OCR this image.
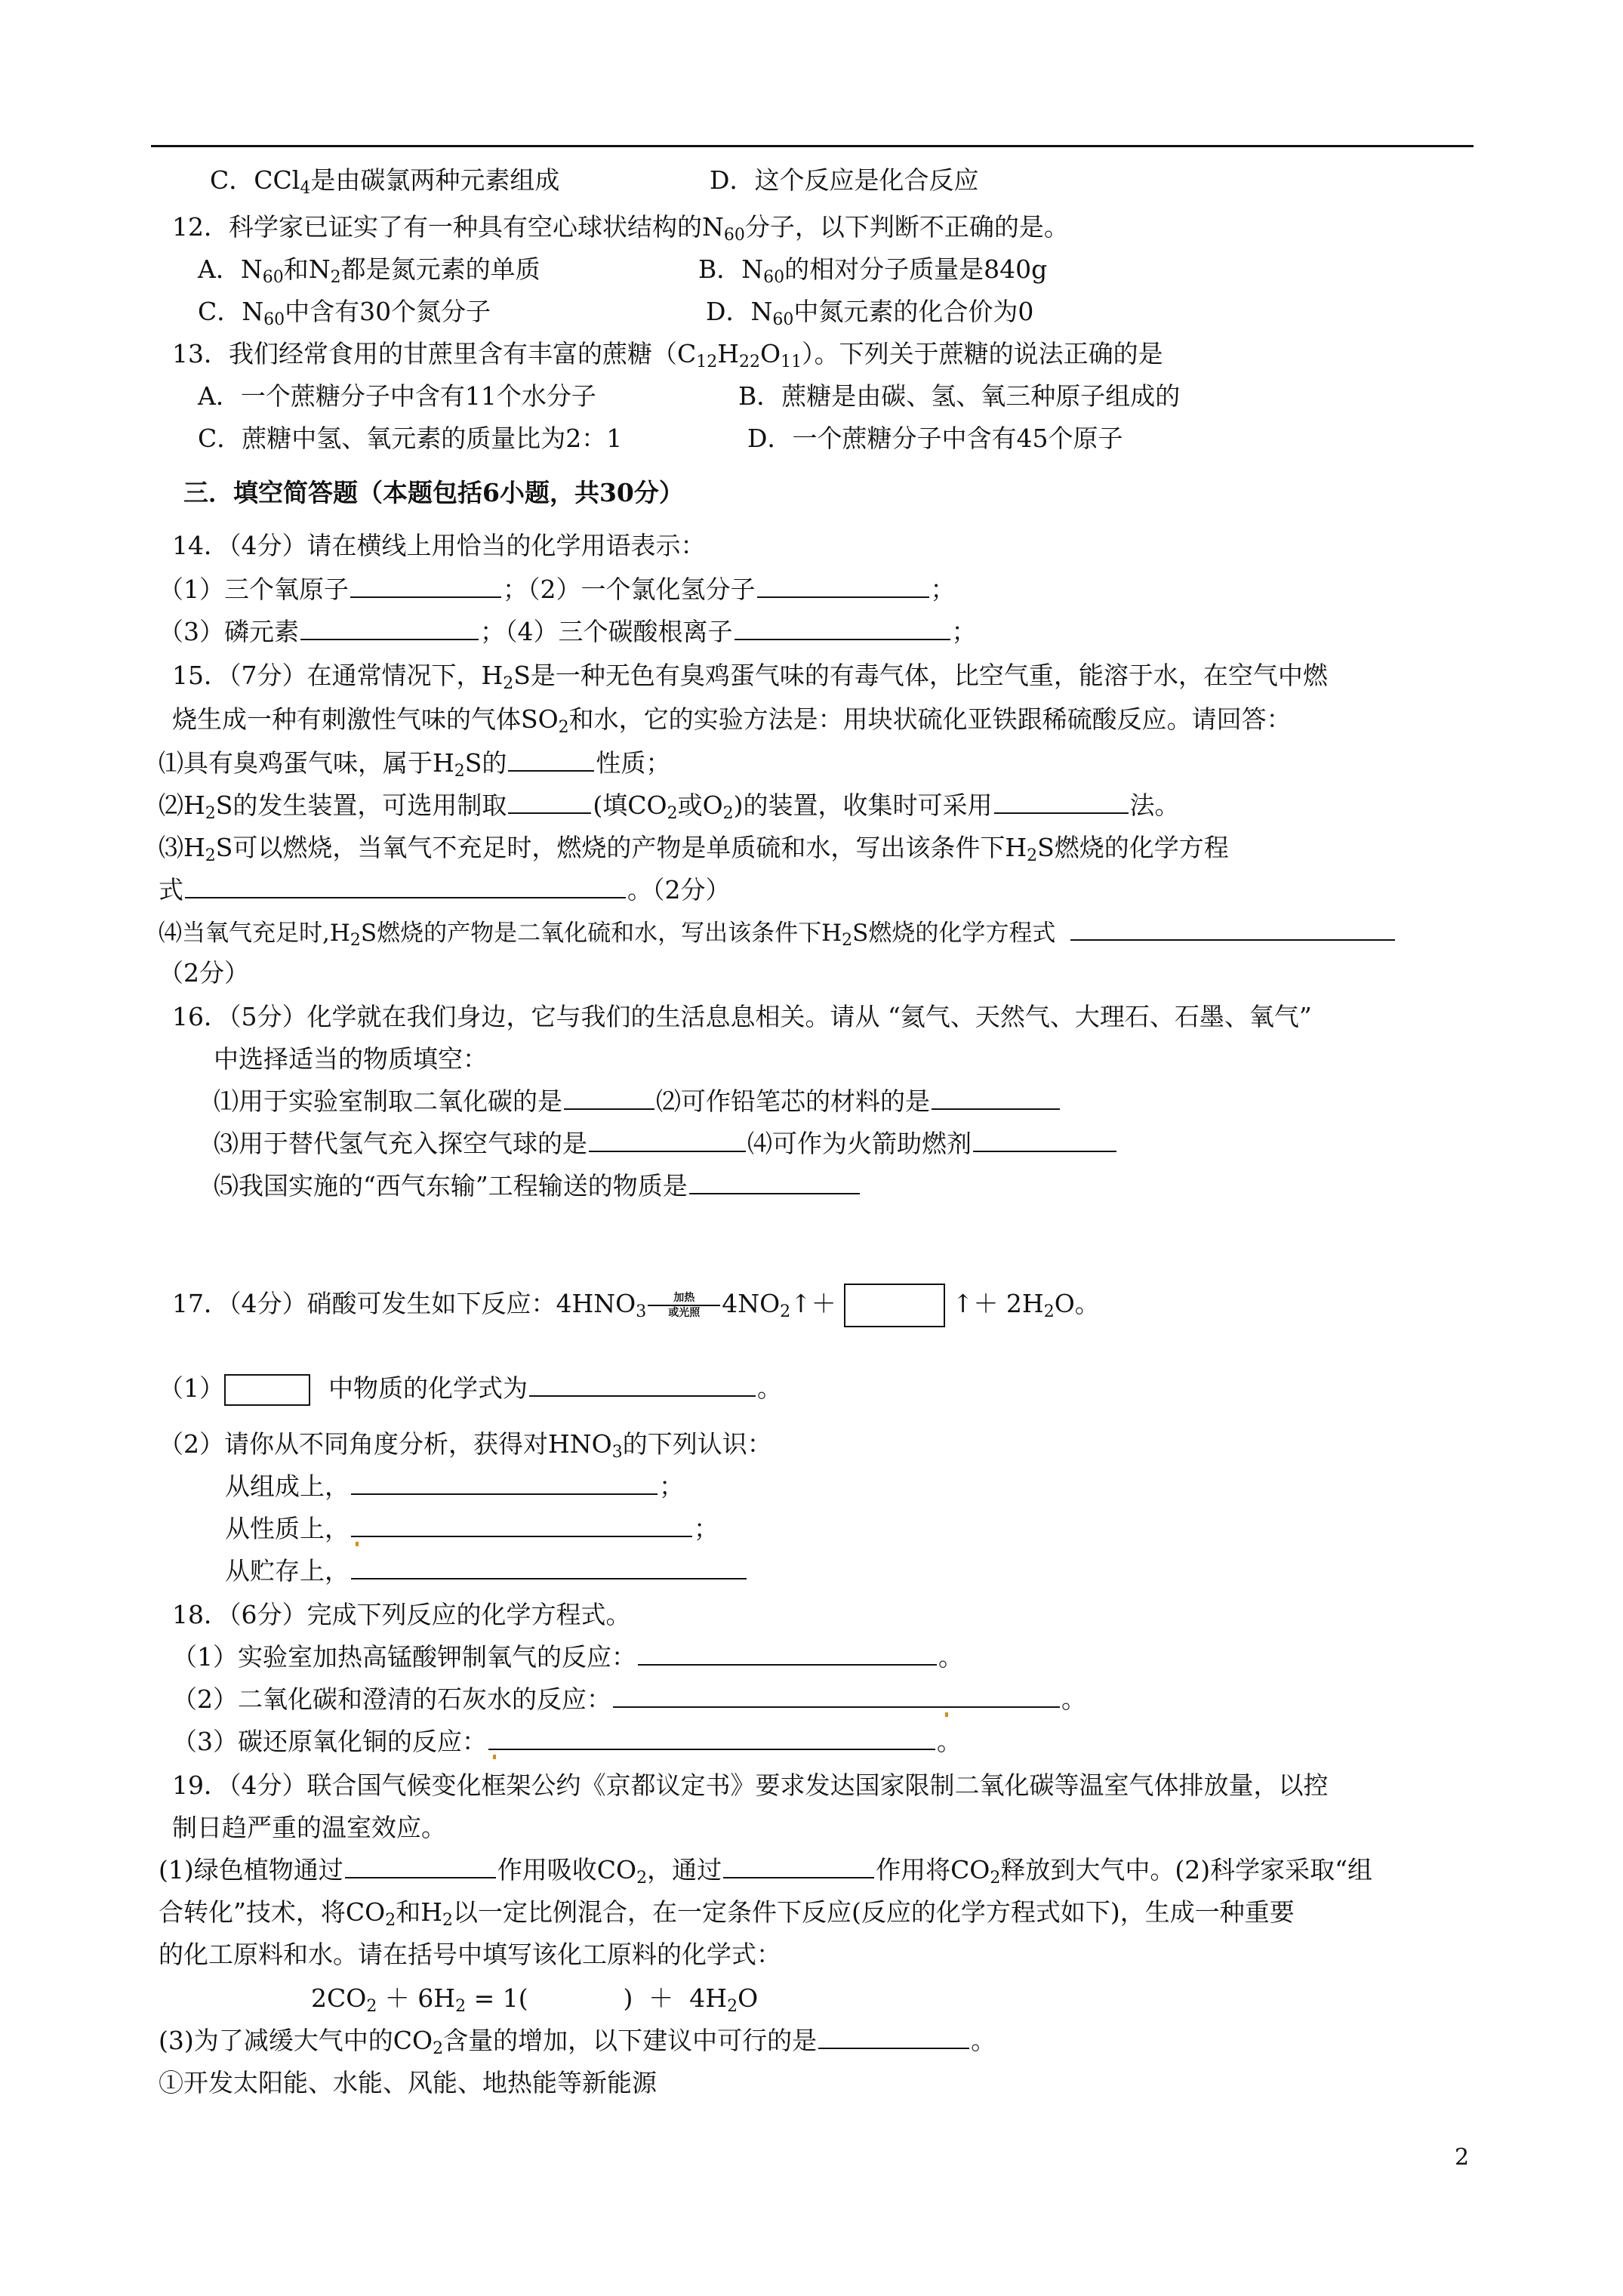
C．CCl$_4$是由碳氯两种元素组成	D．这个反应是化合反应
12．科学家已证实了有一种具有空心球状结构的$N_{60}$分子，以下判断不正确的是。
A．$N_{60}$和$N_2$都是氮元素的单质	B．$N_{60}$的相对分子质量是840g
C．$N_{60}$中含有30个氮分子	D．$N_{60}$中氮元素的化合价为0
13．我们经常食用的甘蔗里含有丰富的蔗糖$(C_{12}H_{22}O_{11})$。下列关于蔗糖的说法正确的是
A．一个蔗糖分子中含有11个水分子	B．蔗糖是由碳、氢、氧三种原子组成的
C．蔗糖中氢、氧元素的质量比为2：1	D．一个蔗糖分子中含有45个原子
三．填空简答题（本题包括6小题，共30分）
14．（4分）请在横线上用恰当的化学用语表示：
（1）三个氧原子	；（2）一个氯化氢分子	；
（3）磷元素	；（4）三个碳酸根离子	；
15．（7分）在通常情况下，$H_2S$是一种无色有臭鸡蛋气味的有毒气体，比空气重，能溶于水，在空气中燃
烧生成一种有刺激性气味的气体$SO_2$和水，它的实验方法是：用块状硫化亚铁跟稀硫酸反应。请回答：
⑴具有臭鸡蛋气味，属于$H_2S$的	性质；
$⑵H_2S$的发生装置，可选用制取	(填$CO_2$或$O_2$)的装置，收集时可采用	法。
$⑶H_2S$可以燃烧，当氧气不充足时，燃烧的产物是单质硫和水，写出该条件下$H_2S$燃烧的化学方程
式	。（2分）
⑷当氧气充足时$,H_2S$燃烧的产物是二氧化硫和水，写出该条件下$H_2S$燃烧的化学方程式
（2分）
16．（5分）化学就在我们身边，它与我们的生活息息相关。请从 “氦气、天然气、大理石、石墨、氧气”
中选择适当的物质填空：
⑴用于实验室制取二氧化碳的是	⑵可作铅笔芯的材料的是
⑶用于替代氢气充入探空气球的是	⑷可作为火箭助燃剂
⑸我国实施的“西气东输”工程输送的物质是
17．（4分）硝酸可发生如下反应：$4HNO_3$
加热
或光照 $4NO_2↑+$	↑＋ $2H_2O$。
（1）	中物质的化学式为	。
（2）请你从不同角度分析，获得对$HNO_3$的下列认识：
从组成上，	；
从性质上，	；
从贮存上，
18．（6分）完成下列反应的化学方程式。
（1）实验室加热高锰酸钾制氧气的反应：	。
（2）二氧化碳和澄清的石灰水的反应：	。
（3）碳还原氧化铜的反应：	。
19．（4分）联合国气候变化框架公约《京都议定书》要求发达国家限制二氧化碳等温室气体排放量，以控
制日趋严重的温室效应。
(1)绿色植物通过	作用吸收$CO_2$，通过	作用将$CO_2$释放到大气中。(2)科学家采取“组
合转化”技术，将$CO_2$和$H_2$以一定比例混合，在一定条件下反应(反应的化学方程式如下)，生成一种重要
的化工原料和水。请在括号中填写该化工原料的化学式：
$2CO_2 + 6H_2 = 1$(            )  ＋  $4H_2O$
(3)为了减缓大气中的$CO_2$含量的增加，以下建议中可行的是	。
①开发太阳能、水能、风能、地热能等新能源
2
